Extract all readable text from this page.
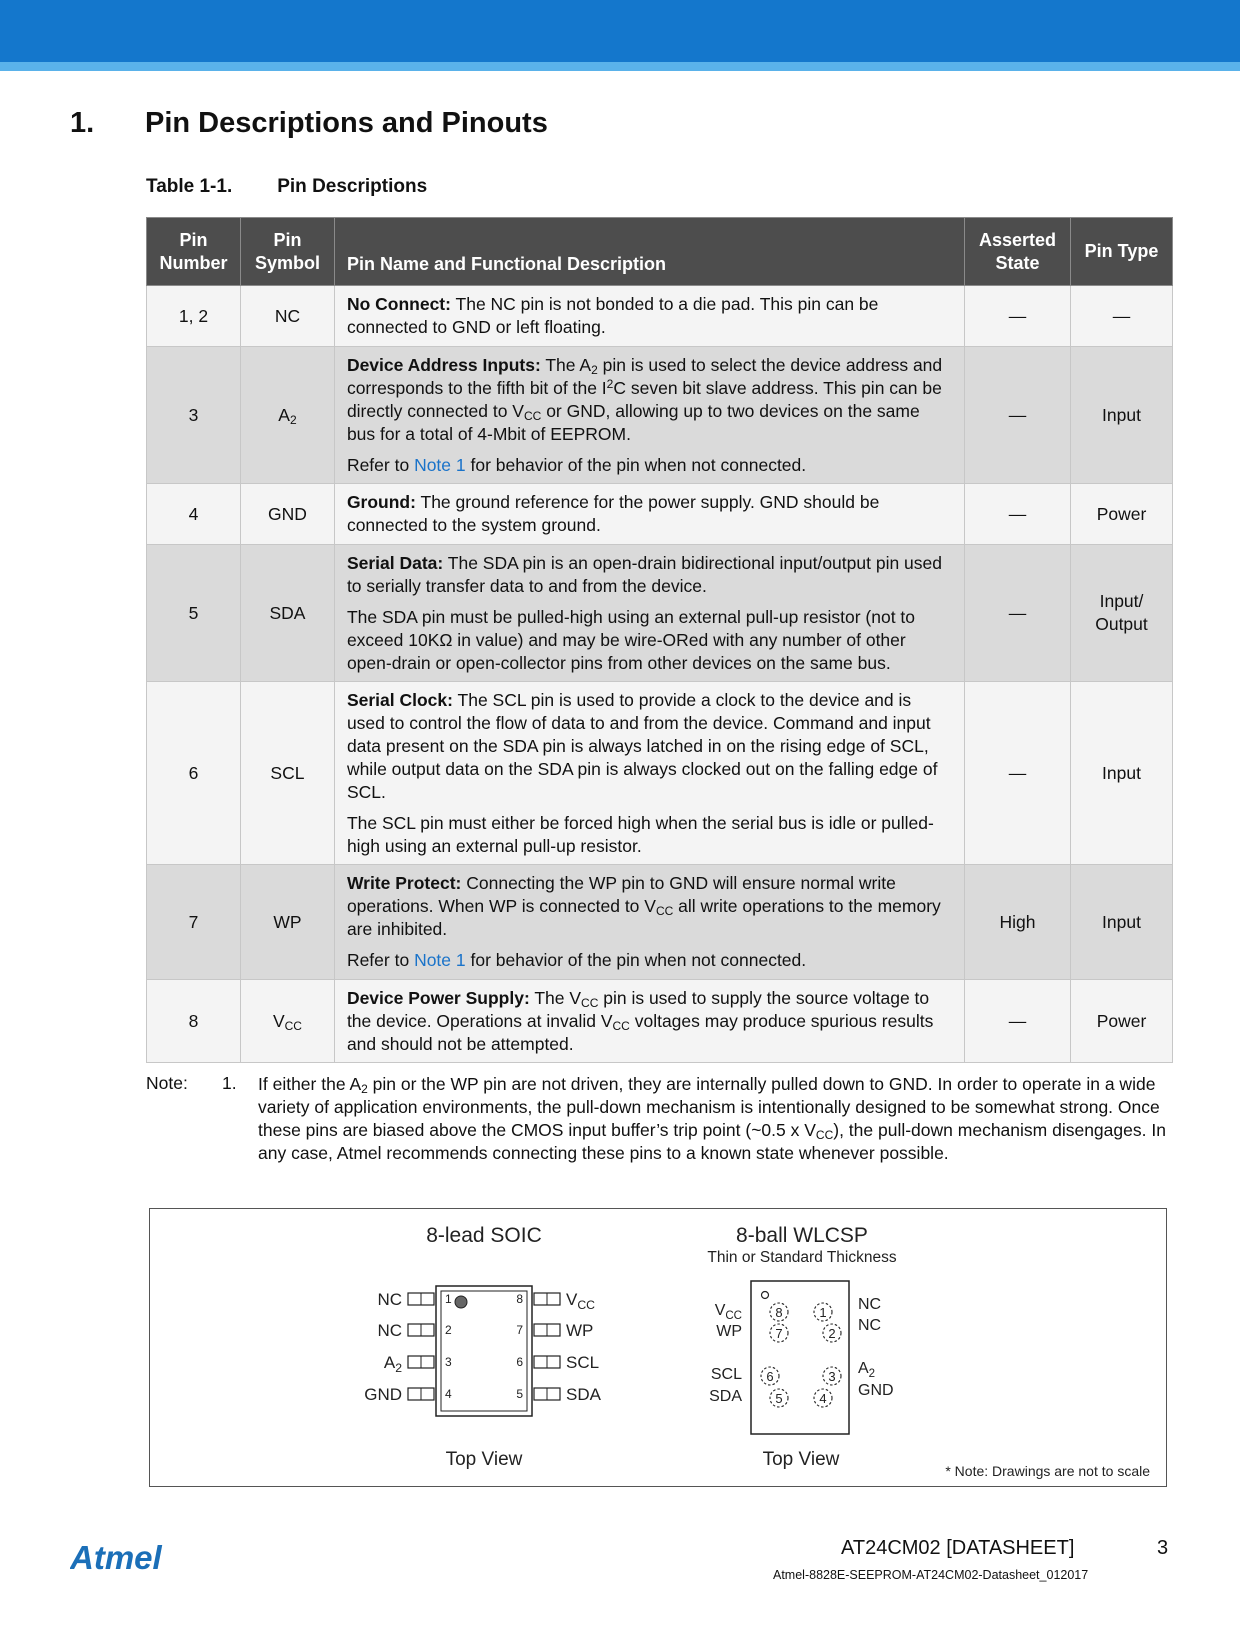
1. Pin Descriptions and Pinouts
Table 1-1. Pin Descriptions
Pin Number	Pin Symbol	Pin Name and Functional Description	Asserted State	Pin Type
1, 2	NC	No Connect: The NC pin is not bonded to a die pad. This pin can be connected to GND or left floating.	—	—
3	$A_2$	Device Address Inputs: The $A_2$ pin is used to select the device address and corresponds to the fifth bit of the $I^2C$ seven bit slave address. This pin can be directly connected to $V_{CC}$ or GND, allowing up to two devices on the same bus for a total of 4-Mbit of EEPROM.

Refer to Note 1 for behavior of the pin when not connected.	—	Input
4	GND	Ground: The ground reference for the power supply. GND should be connected to the system ground.	—	Power
5	SDA	Serial Data: The SDA pin is an open-drain bidirectional input/output pin used to serially transfer data to and from the device.

The SDA pin must be pulled-high using an external pull-up resistor (not to exceed 10KΩ in value) and may be wire-ORed with any number of other open-drain or open-collector pins from other devices on the same bus.	—	Input/ Output
6	SCL	Serial Clock: The SCL pin is used to provide a clock to the device and is used to control the flow of data to and from the device. Command and input data present on the SDA pin is always latched in on the rising edge of SCL, while output data on the SDA pin is always clocked out on the falling edge of SCL.

The SCL pin must either be forced high when the serial bus is idle or pulled-high using an external pull-up resistor.	—	Input
7	WP	Write Protect: Connecting the WP pin to GND will ensure normal write operations. When WP is connected to $V_{CC}$ all write operations to the memory are inhibited.

Refer to Note 1 for behavior of the pin when not connected.	High	Input
8	$V_{CC}$	Device Power Supply: The $V_{CC}$ pin is used to supply the source voltage to the device. Operations at invalid $V_{CC}$ voltages may produce spurious results and should not be attempted.	—	Power
Note: 1. If either the $A_2$ pin or the WP pin are not driven, they are internally pulled down to GND. In order to operate in a wide variety of application environments, the pull-down mechanism is intentionally designed to be somewhat strong. Once these pins are biased above the CMOS input buffer’s trip point (~0.5 x $V_{CC}$), the pull-down mechanism disengages. In any case, Atmel recommends connecting these pins to a known state whenever possible.
8-lead SOIC
1
NC
2
NC
3
$A_2$
4
GND
8	$V_{CC}$
7	WP
6	SCL
5	SDA
Top View
8-ball WLCSP
Thin or Standard Thickness
8	1
7	2
6	3
5	4
$V_{CC}$
WP
SCL
SDA
NC
NC
$A_2$
GND
Top View
* Note: Drawings are not to scale
Atmel	AT24CM02 [DATASHEET]	3
Atmel-8828E-SEEPROM-AT24CM02-Datasheet_012017
